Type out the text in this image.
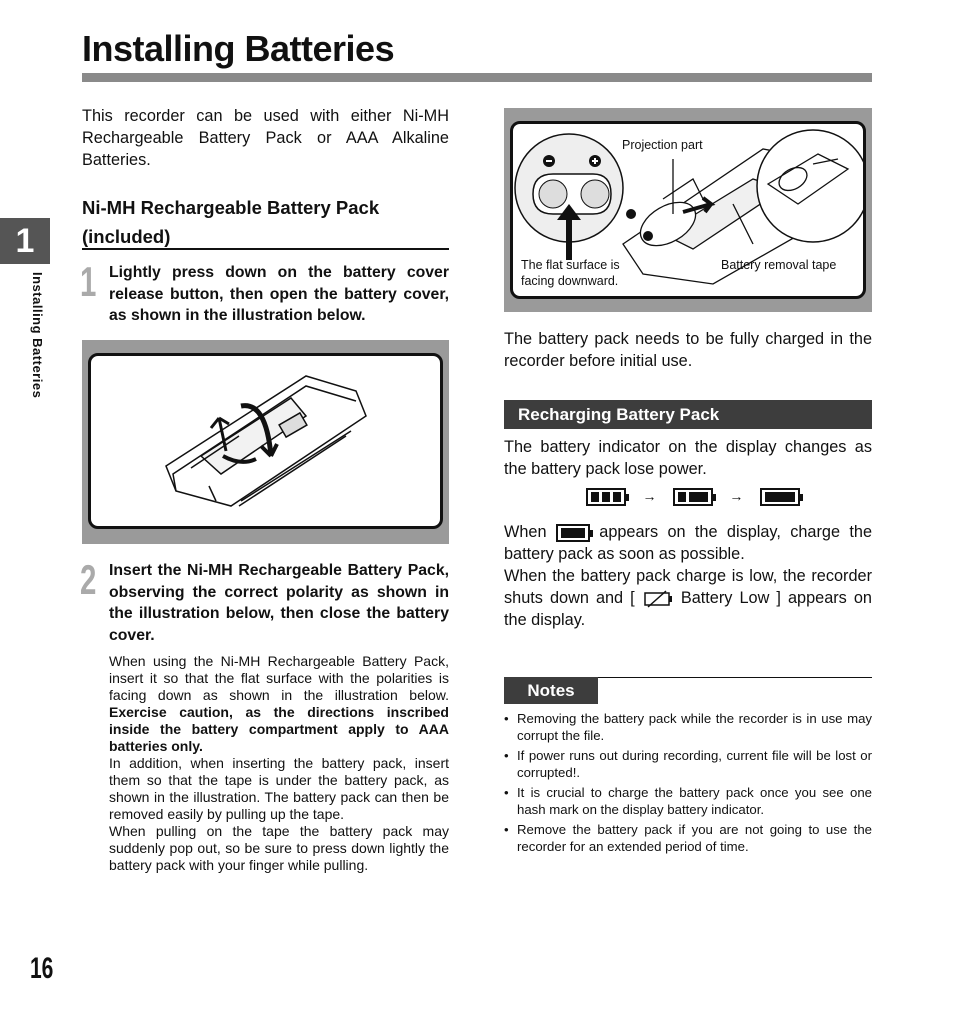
Installing Batteries
1
Installing Batteries

This recorder can be used with either Ni-MH Rechargeable Battery Pack or AAA Alkaline Batteries.

Ni-MH Rechargeable Battery Pack (included)
1 Lightly press down on the battery cover release button, then open the battery cover, as shown in the illustration below.

2 Insert the Ni-MH Rechargeable Battery Pack, observing the correct polarity as shown in the illustration below, then close the battery cover.

When using the Ni-MH Rechargeable Battery Pack, insert it so that the flat surface with the polarities is facing down as shown in the illustration below. Exercise caution, as the directions inscribed inside the battery compartment apply to AAA batteries only.
In addition, when inserting the battery pack, insert them so that the tape is under the battery pack, as shown in the illustration. The battery pack can then be removed easily by pulling up the tape.
When pulling on the tape the battery pack may suddenly pop out, so be sure to press down lightly the battery pack with your finger while pulling.
Projection part
The flat surface is facing downward.
Battery removal tape

The battery pack needs to be fully charged in the recorder before initial use.

Recharging Battery Pack

The battery indicator on the display changes as the battery pack lose power.

→	→
When	appears on the display, charge the battery pack as soon as possible.
When the battery pack charge is low, the recorder shuts down and [	Battery Low ] appears on the display.
Notes
• Removing the battery pack while the recorder is in use may corrupt the file.
• If power runs out during recording, current file will be lost or corrupted!.
• It is crucial to charge the battery pack once you see one hash mark on the display battery indicator.
• Remove the battery pack if you are not going to use the recorder for an extended period of time.
16
